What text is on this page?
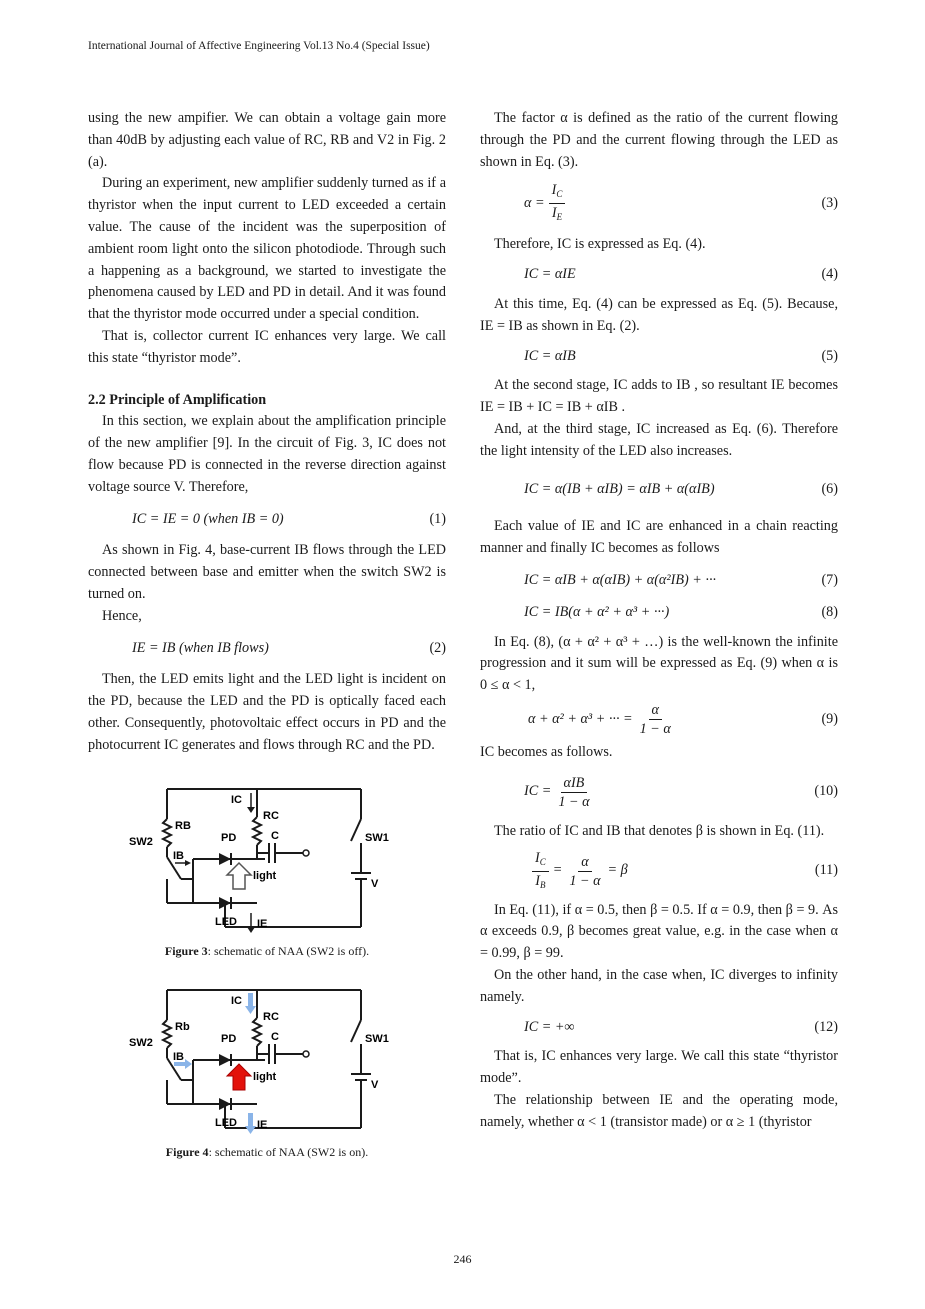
International Journal of Affective Engineering Vol.13 No.4 (Special Issue)

using the new ampifier. We can obtain a voltage gain more than 40dB by adjusting each value of RC, RB and V2 in Fig. 2 (a).

During an experiment, new amplifier suddenly turned as if a thyristor when the input current to LED exceeded a certain value. The cause of the incident was the superposition of ambient room light onto the silicon photodiode. Through such a happening as a background, we started to investigate the phenomena caused by LED and PD in detail. And it was found that the thyristor mode occurred under a special condition.

That is, collector current IC enhances very large. We call this state “thyristor mode”.

2.2 Principle of Amplification

In this section, we explain about the amplification principle of the new amplifier [9]. In the circuit of Fig. 3, IC does not flow because PD is connected in the reverse direction against voltage source V. Therefore,

IC = IE = 0 (when IB = 0)	(1)

As shown in Fig. 4, base-current IB flows through the LED connected between base and emitter when the switch SW2 is turned on.

Hence,

IE = IB (when IB flows)	(2)

Then, the LED emits light and the LED light is incident on the PD, because the LED and the PD is optically faced each other. Consequently, photovoltaic effect occurs in PD and the photocurrent IC generates and flows through RC and the PD.

IC
RC
RB
SW2	PD	C	SW1
IB
light
V
LED IE
Figure 3: schematic of NAA (SW2 is off).
IC
RC
Rb
SW2	PD	C	SW1
IB
light
V
LED IE
Figure 4: schematic of NAA (SW2 is on).

The factor α is defined as the ratio of the current flowing through the PD and the current flowing through the LED as shown in Eq. (3).

$\alpha = \frac{I_C}{I_E}$	(3)

Therefore, IC is expressed as Eq. (4).

IC = αIE	(4)

At this time, Eq. (4) can be expressed as Eq. (5). Because, IE = IB as shown in Eq. (2).

IC = αIB	(5)

At the second stage, IC adds to IB , so resultant IE becomes IE = IB + IC = IB + αIB .

And, at the third stage, IC increased as Eq. (6). Therefore the light intensity of the LED also increases.

IC = α(IB + αIB) = αIB + α(αIB)	(6)

Each value of IE and IC are enhanced in a chain reacting manner and finally IC becomes as follows

IC = αIB + α(αIB) + α(α²IB) + ···	(7)
IC = IB(α + α² + α³ + ···)	(8)

In Eq. (8), (α + α² + α³ + …) is the well-known the infinite progression and it sum will be expressed as Eq. (9) when α is 0 ≤ α < 1,

α + α² + α³ + ··· = $\frac{\alpha}{1 - \alpha}$	(9)

IC becomes as follows.

IC = $\frac{\text{αIB}}{1 - \alpha}$	(10)

The ratio of IC and IB that denotes β is shown in Eq. (11).

$\frac{I_C}{I_B} = \frac{\alpha}{1 - \alpha} = \beta$	(11)

In Eq. (11), if α = 0.5, then β = 0.5. If α = 0.9, then β = 9. As α exceeds 0.9, β becomes great value, e.g. in the case when α = 0.99, β = 99.

On the other hand, in the case when, IC diverges to infinity namely.

IC = +∞	(12)

That is, IC enhances very large. We call this state “thyristor mode”.

The relationship between IE and the operating mode, namely, whether α < 1 (transistor made) or α ≥ 1 (thyristor

246
